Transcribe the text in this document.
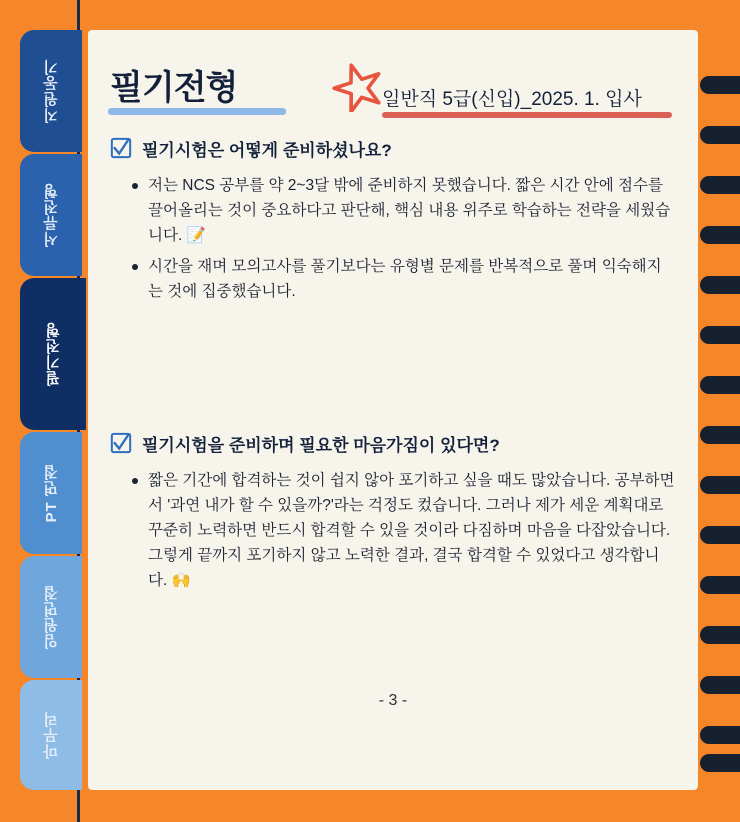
지원동기
서류전형
필기전형
PT 면접
임원면접
마무리
필기전형	일반직 5급(신입)_2025. 1. 입사
필기시험은 어떻게 준비하셨나요?
저는 NCS 공부를 약 2~3달 밖에 준비하지 못했습니다. 짧은 시간 안에 점수를 끌어올리는 것이 중요하다고 판단해, 핵심 내용 위주로 학습하는 전략을 세웠습니다. 📝
시간을 재며 모의고사를 풀기보다는 유형별 문제를 반복적으로 풀며 익숙해지는 것에 집중했습니다.
필기시험을 준비하며 필요한 마음가짐이 있다면?
짧은 기간에 합격하는 것이 쉽지 않아 포기하고 싶을 때도 많았습니다. 공부하면서 '과연 내가 할 수 있을까?'라는 걱정도 컸습니다. 그러나 제가 세운 계획대로 꾸준히 노력하면 반드시 합격할 수 있을 것이라 다짐하며 마음을 다잡았습니다. 그렇게 끝까지 포기하지 않고 노력한 결과, 결국 합격할 수 있었다고 생각합니다. 🙌
- 3 -
